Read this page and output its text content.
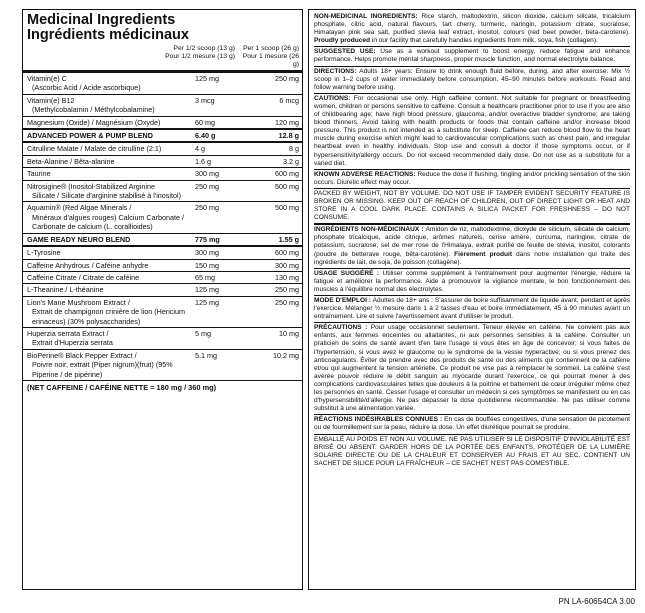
Medicinal Ingredients
Ingrédients médicinaux
Per 1/2 scoop (13 g)
Pour 1/2 mesure (13 g)
Per 1 scoop (26 g)
Pour 1 mesure (26 g)
Vitamin(e) C
(Ascorbic Acid / Acide ascorbique)
125 mg	250 mg
Vitamin(e) B12
(Methylcobalamin / Méthylcobalamine)
3 mcg	6 mcg
Magnesium (Oxide) / Magnésium (Oxyde)	60 mg	120 mg
ADVANCED POWER & PUMP BLEND	6.40 g	12.8 g
Citrulline Malate / Malate de citrulline (2:1)	4 g	8 g
Beta-Alanine / Bêta-alanine	1.6 g	3.2 g
Taurine	300 mg	600 mg
Nitrosigine® (Inositol-Stabilized Arginine
Silicate / Silicate d'arginine stabilisé à l'inositol)
250 mg	500 mg
Aquamin® (Red Algae Minerals /
Minéraux d'algues rouges) Calcium Carbonate / Carbonate de calcium (L. corallioides)
250 mg	500 mg
GAME READY NEURO BLEND	775 mg	1.55 g
L-Tyrosine	300 mg	600 mg
Caffeine Anhydrous / Caféine anhydre	150 mg	300 mg
Caffeine Citrate / Citrate de caféine	65 mg	130 mg
L-Theanine / L-théanine	125 mg	250 mg
Lion's Mane Mushroom Extract /
Extrait de champignon crinière de lion (Hericium erinaceus) (30% polysaccharides)
125 mg	250 mg
Huperzia serrata Extract /
Extrait d'Huperzia serrata
5 mg	10 mg
BioPerine® Black Pepper Extract /
Poivre noir, extrait (Piper nigrum)(fruit) (95% Piperine / de pipérine)
5.1 mg	10.2 mg
(NET CAFFEINE / CAFÉINE NETTE = 180 mg / 360 mg)

NON-MEDICINAL INGREDIENTS: Rice starch, maltodextrin, silicon dioxide, calcium silicate, tricalcium phosphate, citric acid, natural flavours, tart cherry, turmeric, naringin, potassium citrate, sucralose, Himalayan pink sea salt, purified stevia leaf extract, inositol, colours (red beet powder, beta-carotene). Proudly produced in our facility that carefully handles ingredients from milk, soya, fish (collagen).

SUGGESTED USE: Use as a workout supplement to boost energy, reduce fatigue and enhance performance. Helps promote mental sharpness, proper muscle function, and normal electrolyte balance.

DIRECTIONS: Adults 18+ years: Ensure to drink enough fluid before, during, and after exercise. Mix ½ scoop in 1–2 cups of water immediately before consumption, 45–90 minutes before workouts. Read and follow warning before using.

CAUTIONS: For occasional use only. High caffeine content. Not suitable for pregnant or breastfeeding women, children or persons sensitive to caffeine. Consult a healthcare practitioner prior to use if you are also of childbearing age; have high blood pressure, glaucoma, and/or overactive bladder syndrome; are taking blood thinners. Avoid taking with health products or foods that contain caffeine and/or increase blood pressure. This product is not intended as a substitute for sleep. Caffeine can reduce blood flow to the heart muscle during exercise which might lead to cardiovascular complications such as chest pain, and irregular heartbeat even in healthy individuals. Stop use and consult a doctor if those symptoms occur, or if hypersensitivity/allergy occurs. Do not exceed recommended daily dose. Do not use as a substitute for a varied diet.

KNOWN ADVERSE REACTIONS: Reduce the dose if flushing, tingling and/or prickling sensation of the skin occurs. Diuretic effect may occur.

PACKED BY WEIGHT, NOT BY VOLUME. DO NOT USE IF TAMPER EVIDENT SECURITY FEATURE IS BROKEN OR MISSING. KEEP OUT OF REACH OF CHILDREN, OUT OF DIRECT LIGHT OR HEAT AND STORE IN A COOL DARK PLACE. CONTAINS A SILICA PACKET FOR FRESHNESS – DO NOT CONSUME.

INGRÉDIENTS NON-MÉDICINAUX : Amidon de riz, maltodextrine, dioxyde de silicium, silicate de calcium, phosphate tricalcique, acide citrique, arômes naturels, cerise amère, curcuma, naringine, citrate de potassium, sucralose, sel de mer rose de l'Himalaya, extrait purifié de feuille de stévia, inositol, colorants (poudre de betterave rouge, bêta-carotène). Fièrement produit dans notre installation qui traite des ingrédients de lait, de soja, de poisson (collagène).

USAGE SUGGÉRÉ : Utiliser comme supplément à l'entraînement pour augmenter l'énergie, réduire la fatigue et améliorer la performance. Aide à promouvoir la vigilance mentale, le bon fonctionnement des muscles à l'équilibre normal des électrolytes.

MODE D'EMPLOI : Adultes de 18+ ans : S'assurer de boire suffisamment de liquide avant, pendant et après l'exercice. Mélanger ½ mesure dans 1 à 2 tasses d'eau et boire immédiatement, 45 à 90 minutes avant un entraînement. Lire et suivre l'avertissement avant d'utiliser le produit.

PRÉCAUTIONS : Pour usage occasionnel seulement. Teneur élevée en caféine. Ne convient pas aux enfants, aux femmes enceintes ou allaitantes, ni aux personnes sensibles à la caféine. Consulter un praticien de soins de santé avant d'en faire l'usage si vous êtes en âge de concevoir; si vous faites de l'hypertension, si vous avez le glaucome ou le syndrome de la vessie hyperactive; ou si vous prenez des anticoagulants. Éviter de prendre avec des produits de santé ou des aliments qui contiennent de la caféine et/ou qui augmentent la tension artérielle. Ce produit ne vise pas à remplacer le sommeil. La caféine s'est avérée pouvoir réduire le débit sanguin au myocarde durant l'exercice, ce qui pourrait mener à des complications cardiovasculaires telles que douleurs à la poitrine et battement de cœur irrégulier même chez les personnes en santé. Cesser l'usage et consulter un médecin si ces symptômes se manifestent ou en cas d'hypersensibilité/d'allergie. Ne pas dépasser la dose quotidienne recommandée. Ne pas utiliser comme substitut à une alimentation variée.

RÉACTIONS INDÉSIRABLES CONNUES : En cas de bouffées congestives, d'une sensation de picotement ou de fourmillement sur la peau, réduire la dose. Un effet diurétique pourrait se produire.

EMBALLÉ AU POIDS ET NON AU VOLUME. NE PAS UTILISER SI LE DISPOSITIF D'INVIOLABILITÉ EST BRISÉ OU ABSENT. GARDER HORS DE LA PORTÉE DES ENFANTS, PROTÉGER DE LA LUMIÈRE SOLAIRE DIRECTE OU DE LA CHALEUR ET CONSERVER AU FRAIS ET AU SEC. CONTIENT UN SACHET DE SILICE POUR LA FRAÎCHEUR – CE SACHET N'EST PAS COMESTIBLE.

PN LA-60654CA 3.00
